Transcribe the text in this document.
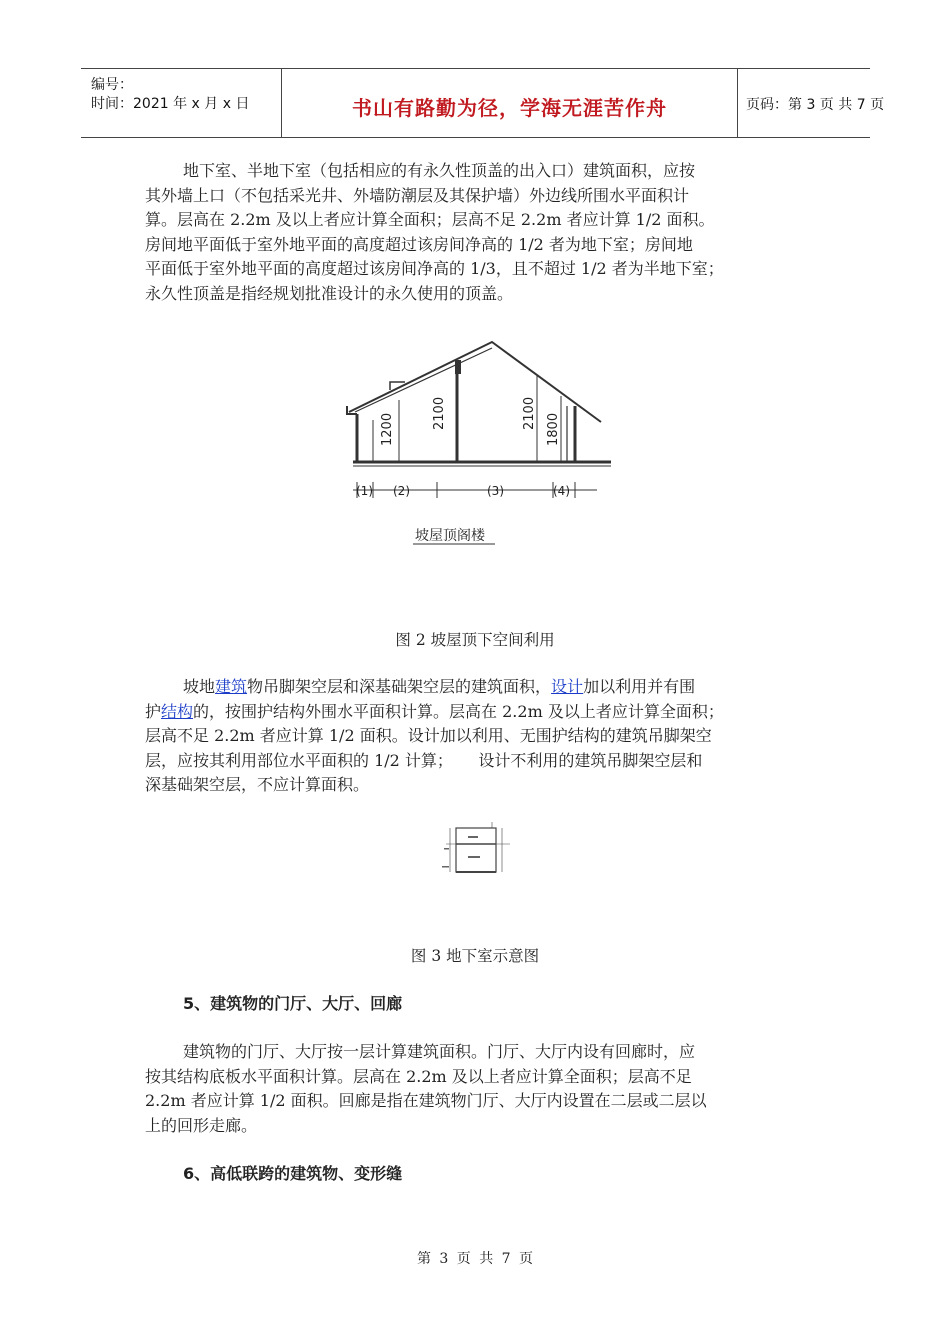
编号：
时间：2021 年 x 月 x 日	书山有路勤为径，学海无涯苦作舟	页码：第 3 页 共 7 页
地下室、半地下室（包括相应的有永久性顶盖的出入口）建筑面积，应按
其外墙上口（不包括采光井、外墙防潮层及其保护墙）外边线所围水平面积计
算。层高在 2.2m 及以上者应计算全面积；层高不足 2.2m 者应计算 1/2 面积。
房间地平面低于室外地平面的高度超过该房间净高的 1/2 者为地下室；房间地
平面低于室外地平面的高度超过该房间净高的 1/3，且不超过 1/2 者为半地下室；
永久性顶盖是指经规划批准设计的永久使用的顶盖。
1200	2100	2100 1800
(1) (2)	(3)	(4)
坡屋顶阁楼
图 2 坡屋顶下空间利用
坡地建筑物吊脚架空层和深基础架空层的建筑面积，设计加以利用并有围
护结构的，按围护结构外围水平面积计算。层高在 2.2m 及以上者应计算全面积；
层高不足 2.2m 者应计算 1/2 面积。设计加以利用、无围护结构的建筑吊脚架空
层，应按其利用部位水平面积的 1/2 计算；     设计不利用的建筑吊脚架空层和
深基础架空层，不应计算面积。
图 3 地下室示意图
5、建筑物的门厅、大厅、回廊
建筑物的门厅、大厅按一层计算建筑面积。门厅、大厅内设有回廊时，应
按其结构底板水平面积计算。层高在 2.2m 及以上者应计算全面积；层高不足
2.2m 者应计算 1/2 面积。回廊是指在建筑物门厅、大厅内设置在二层或二层以
上的回形走廊。
6、高低联跨的建筑物、变形缝
第 3 页 共 7 页
